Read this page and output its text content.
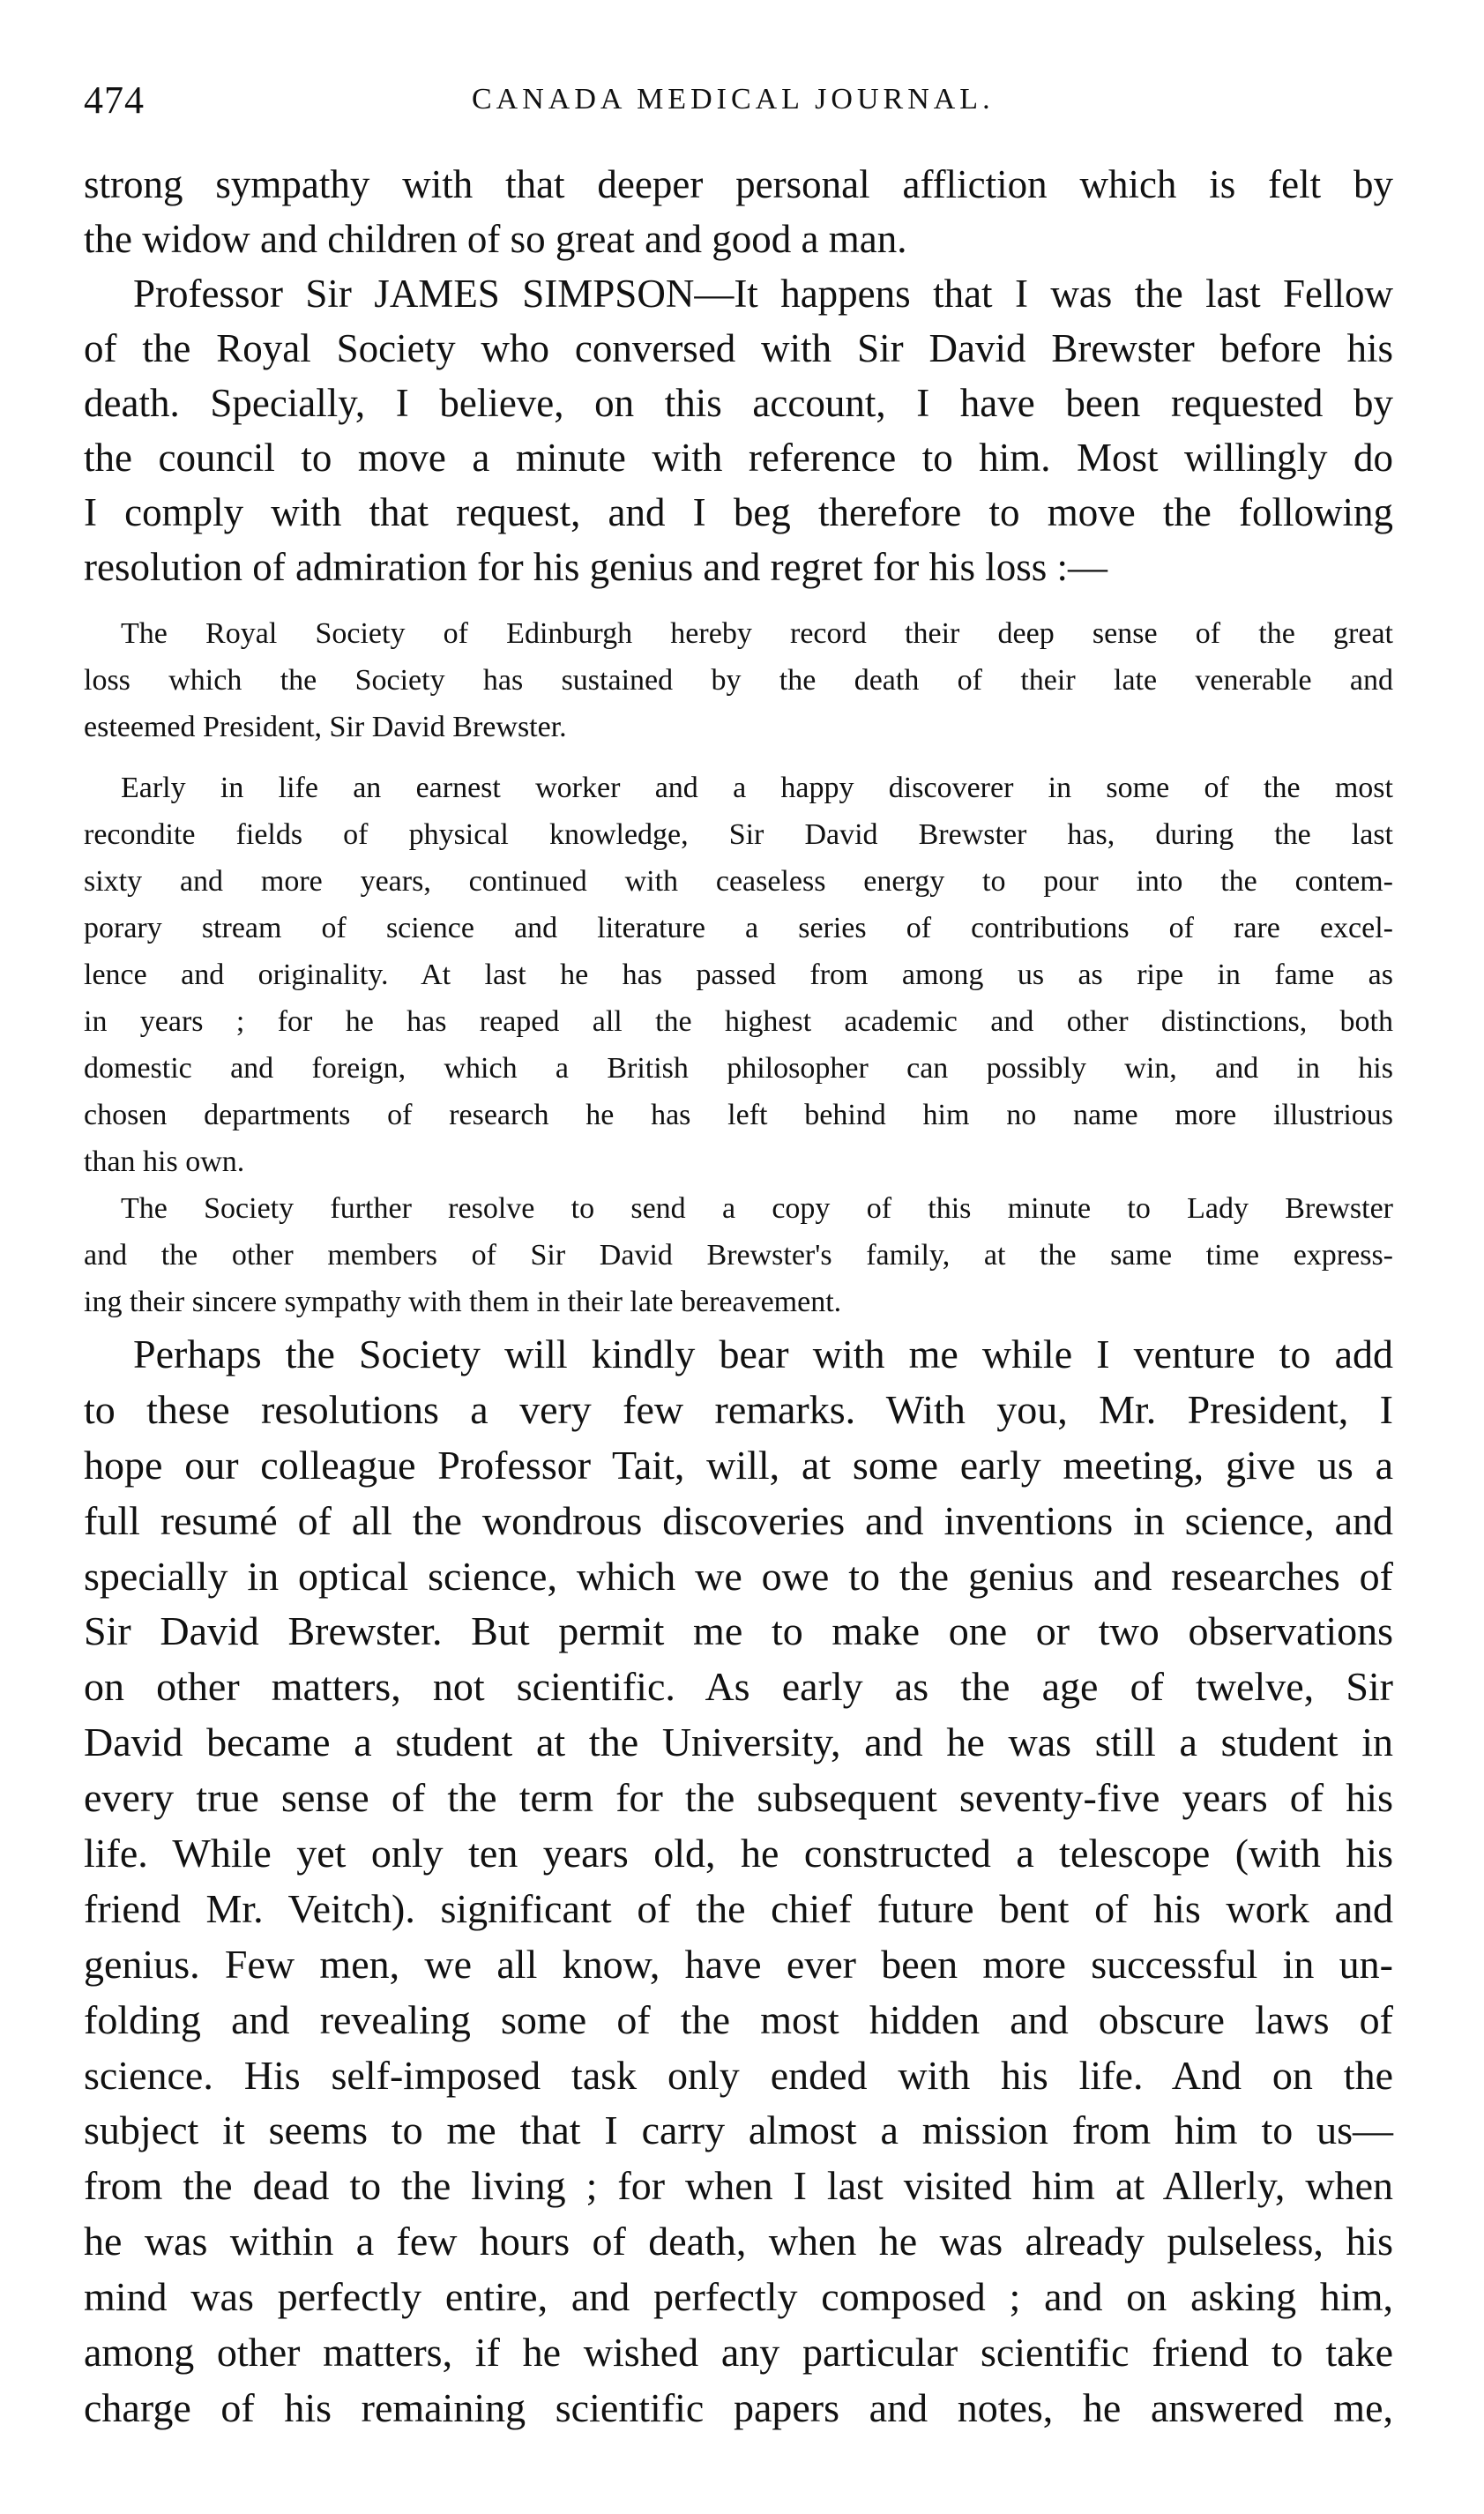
474	CANADA MEDICAL JOURNAL.
strong sympathy with that deeper personal affliction which is felt by
the widow and children of so great and good a man.
Professor Sir JAMES SIMPSON—It happens that I was the last Fellow
of the Royal Society who conversed with Sir David Brewster before his
death. Specially, I believe, on this account, I have been requested by
the council to move a minute with reference to him. Most willingly do
I comply with that request, and I beg therefore to move the following
resolution of admiration for his genius and regret for his loss :—
The Royal Society of Edinburgh hereby record their deep sense of the great
loss which the Society has sustained by the death of their late venerable and
esteemed President, Sir David Brewster.
Early in life an earnest worker and a happy discoverer in some of the most
recondite fields of physical knowledge, Sir David Brewster has, during the last
sixty and more years, continued with ceaseless energy to pour into the contem-
porary stream of science and literature a series of contributions of rare excel-
lence and originality. At last he has passed from among us as ripe in fame as
in years ; for he has reaped all the highest academic and other distinctions, both
domestic and foreign, which a British philosopher can possibly win, and in his
chosen departments of research he has left behind him no name more illustrious
than his own.
The Society further resolve to send a copy of this minute to Lady Brewster
and the other members of Sir David Brewster's family, at the same time express-
ing their sincere sympathy with them in their late bereavement.
Perhaps the Society will kindly bear with me while I venture to add
to these resolutions a very few remarks. With you, Mr. President, I
hope our colleague Professor Tait, will, at some early meeting, give us a
full resumé of all the wondrous discoveries and inventions in science, and
specially in optical science, which we owe to the genius and researches of
Sir David Brewster. But permit me to make one or two observations
on other matters, not scientific. As early as the age of twelve, Sir
David became a student at the University, and he was still a student in
every true sense of the term for the subsequent seventy-five years of his
life. While yet only ten years old, he constructed a telescope (with his
friend Mr. Veitch). significant of the chief future bent of his work and
genius. Few men, we all know, have ever been more successful in un-
folding and revealing some of the most hidden and obscure laws of
science. His self-imposed task only ended with his life. And on the
subject it seems to me that I carry almost a mission from him to us—
from the dead to the living ; for when I last visited him at Allerly, when
he was within a few hours of death, when he was already pulseless, his
mind was perfectly entire, and perfectly composed ; and on asking him,
among other matters, if he wished any particular scientific friend to take
charge of his remaining scientific papers and notes, he answered me,
